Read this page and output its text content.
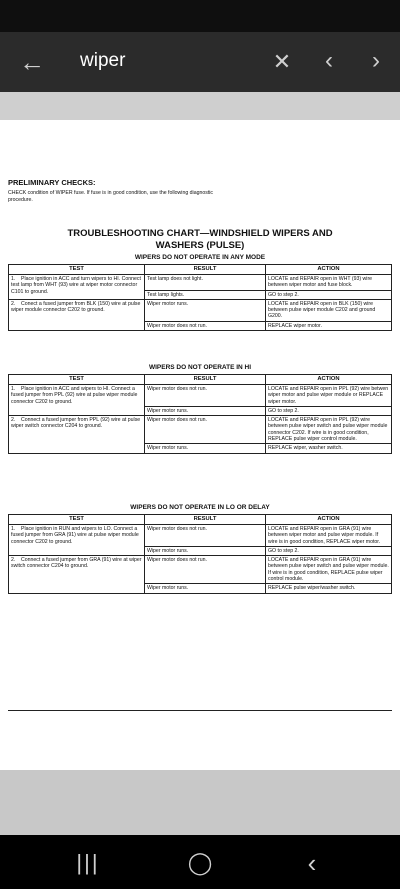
← wiper	✕	‹	›
PRELIMINARY CHECKS:
CHECK condition of WIPER fuse. If fuse is in good condition, use the following diagnostic procedure.
TROUBLESHOOTING CHART—WINDSHIELD WIPERS AND
WASHERS (PULSE)
WIPERS DO NOT OPERATE IN ANY MODE
TEST	RESULT	ACTION
1. Place ignition in ACC and turn wipers to HI. Connect test lamp from WHT (93) wire at wiper motor connector C101 to ground.	Test lamp does not light.	LOCATE and REPAIR open in WHT (93) wire between wiper motor and fuse block.
	Test lamp lights.	GO to step 2.
2. Conect a fused jumper from BLK (150) wire at pulse wiper module connector C202 to ground.	Wiper motor runs.	LOCATE and REPAIR open in BLK (150) wire between pulse wiper module C202 and ground G200.
	Wiper motor does not run.	REPLACE wiper motor.
WIPERS DO NOT OPERATE IN HI
TEST	RESULT	ACTION
1. Place ignition in ACC and wipers to HI. Connect a fused jumper from PPL (92) wire at pulse wiper module connector C202 to ground.	Wiper motor does not run.	LOCATE and REPAIR open in PPL (92) wire betwen wiper motor and pulse wiper module or REPLACE wiper motor.
	Wiper motor runs.	GO to step 2.
2. Connect a fused jumper from PPL (92) wire at pulse wiper switch connector C204 to ground.	Wiper motor does not run.	LOCATE and REPAIR open in PPL (92) wire between pulse wiper switch and pulse wiper module connector C202. If wire is in good condition, REPLACE pulse wiper control module.
	Wiper motor runs.	REPLACE wiper, washer switch.
WIPERS DO NOT OPERATE IN LO OR DELAY
TEST	RESULT	ACTION
1. Place ignition in RUN and wipers to LO. Connect a fused jumper from GRA (91) wire at pulse wiper module connector C202 to ground.	Wiper motor does not run.	LOCATE and REPAIR open in GRA (91) wire between wiper motor and pulse wiper module. If wire is in good condition, REPLACE wiper motor.
	Wiper motor runs.	GO to step 2.
2. Connect a fused jumper from GRA (91) wire at wiper switch connector C204 to ground.	Wiper motor does not run.	LOCATE and REPAIR open in GRA (91) wire between pulse wiper switch and pulse wiper module. If wire is in good condition, REPLACE pulse wiper control module.
	Wiper motor runs.	REPLACE pulse wiper/washer switch.
|||	◯	‹
